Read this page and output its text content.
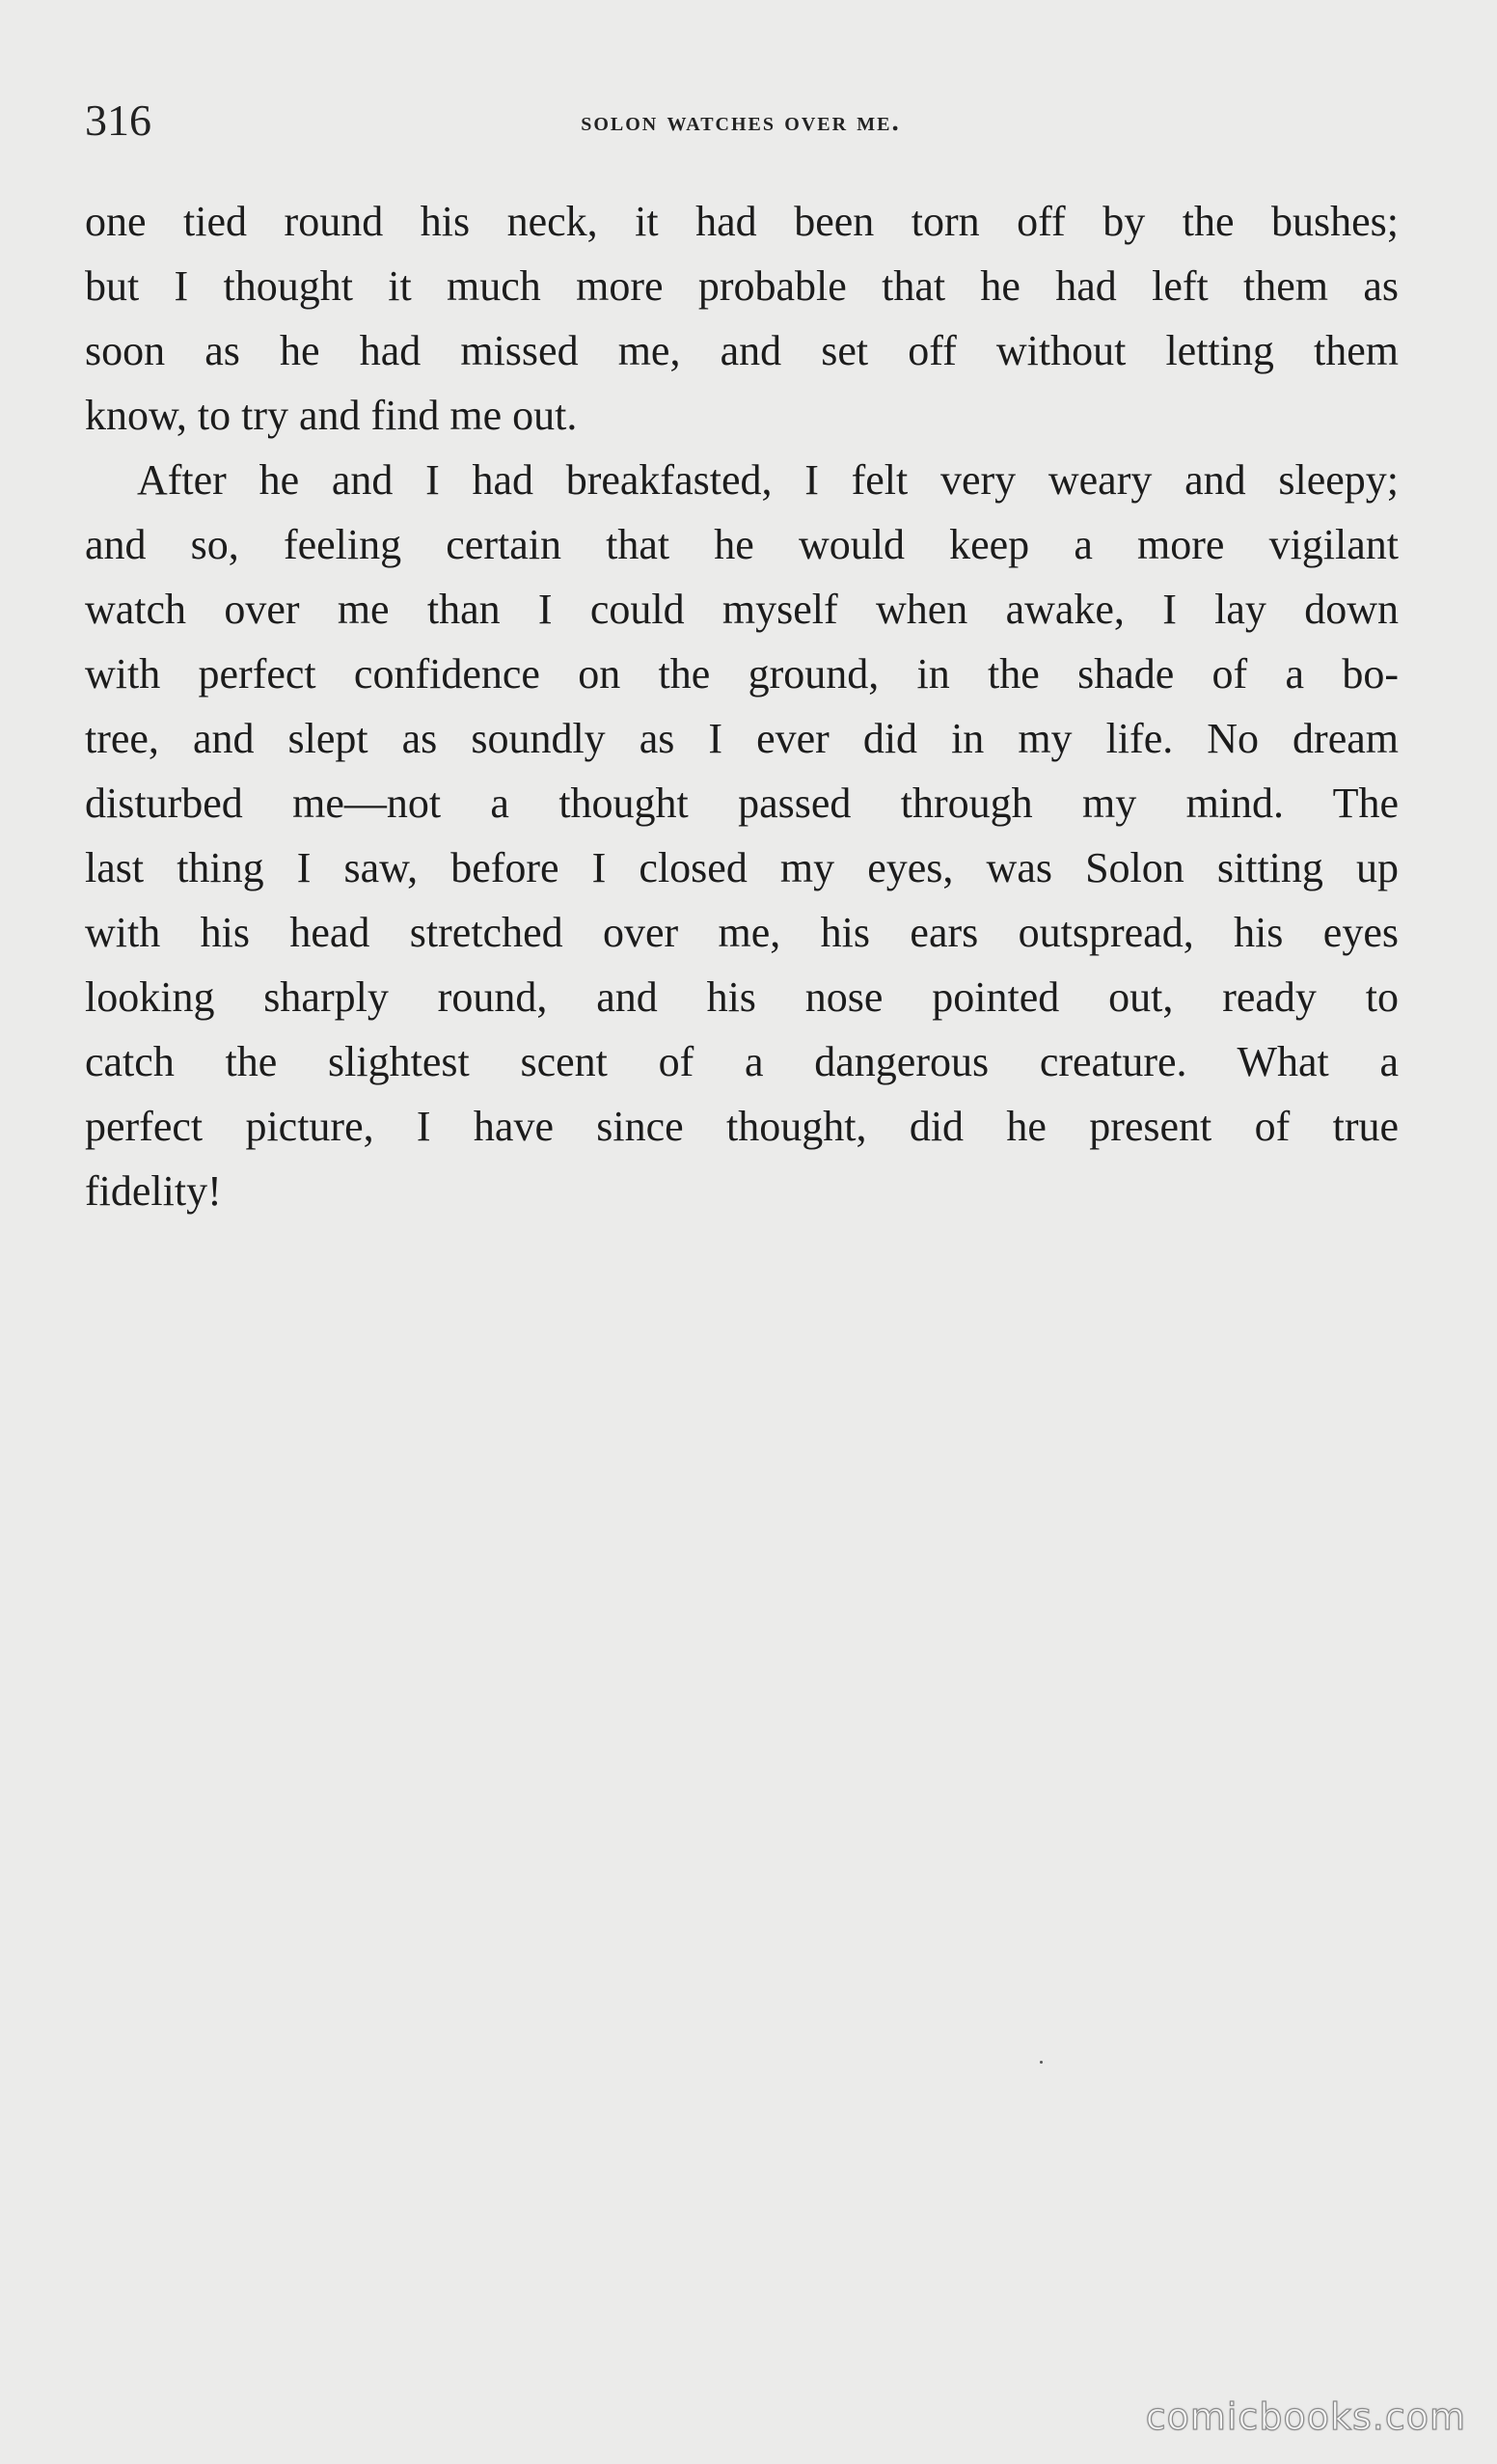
316	solon watches over me.

one tied round his neck, it had been torn off by the bushes;
but I thought it much more probable that he had left them as
soon as he had missed me, and set off without letting them
know, to try and find me out.

After he and I had breakfasted, I felt very weary and sleepy;
and so, feeling certain that he would keep a more vigilant
watch over me than I could myself when awake, I lay down
with perfect confidence on the ground, in the shade of a bo-
tree, and slept as soundly as I ever did in my life. No dream
disturbed me—not a thought passed through my mind. The
last thing I saw, before I closed my eyes, was Solon sitting up
with his head stretched over me, his ears outspread, his eyes
looking sharply round, and his nose pointed out, ready to
catch the slightest scent of a dangerous creature. What a
perfect picture, I have since thought, did he present of true
fidelity!

comicbooks.com
